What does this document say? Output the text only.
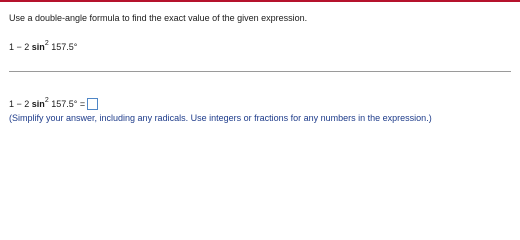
Use a double-angle formula to find the exact value of the given expression.
1 − 2 $\sin^2 157.5^\circ$
1 − 2 $\sin^2 157.5^\circ$ =
(Simplify your answer, including any radicals. Use integers or fractions for any numbers in the expression.)
